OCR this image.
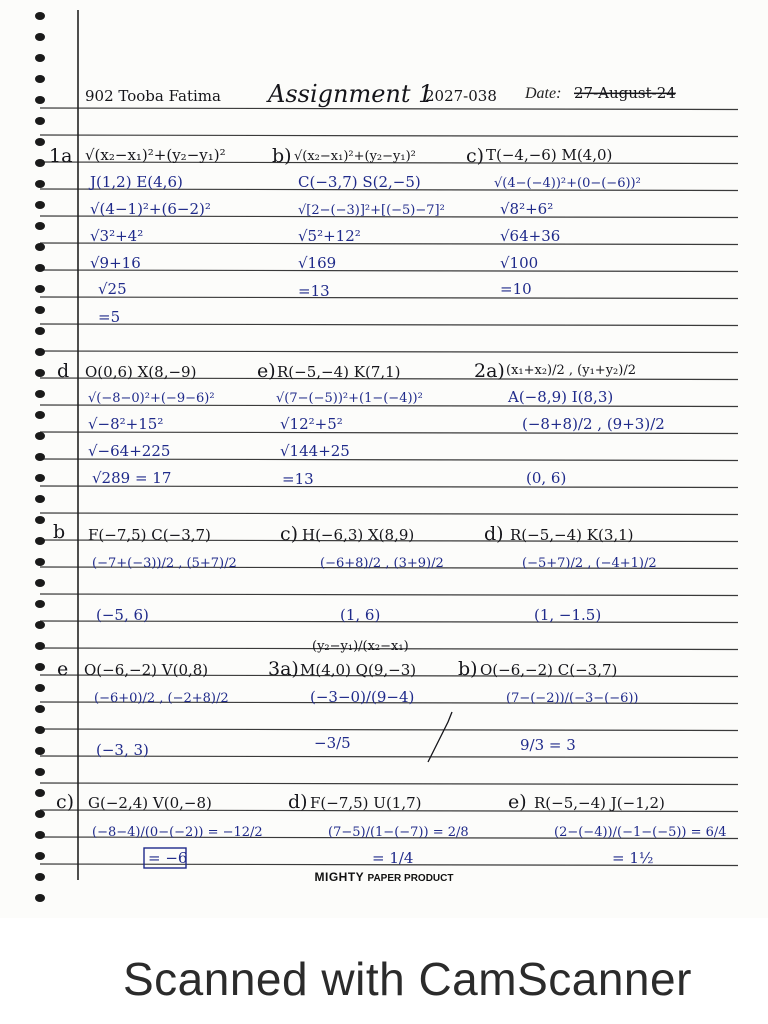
902 Tooba Fatima Assignment 1
2027-038 Date: 27-August-24
1a √(x₂−x₁)²+(y₂−y₁)²
J(1,2) E(4,6)
√(4−1)²+(6−2)²
√3²+4²
√9+16
√25
=5
b) √(x₂−x₁)²+(y₂−y₁)²
C(−3,7) S(2,−5)
√[2−(−3)]²+[(−5)−7]²
√5²+12²
√169
=13
c) T(−4,−6) M(4,0)
√(4−(−4))²+(0−(−6))²
√8²+6²
√64+36
√100
=10
d O(0,6) X(8,−9)
√(−8−0)²+(−9−6)²
√−8²+15²
√−64+225
√289 = 17
e) R(−5,−4) K(7,1)
√(7−(−5))²+(1−(−4))²
√12²+5²
√144+25
=13
2a) (x₁+x₂)/2 , (y₁+y₂)/2
A(−8,9) I(8,3)
(−8+8)/2 , (9+3)/2
(0, 6)
b F(−7,5) C(−3,7)
(−7+(−3))/2 , (5+7)/2
(−5, 6)
c) H(−6,3) X(8,9)
(−6+8)/2 , (3+9)/2
(1, 6)
d) R(−5,−4) K(3,1)
(−5+7)/2 , (−4+1)/2
(1, −1.5)
e O(−6,−2) V(0,8)
(−6+0)/2 , (−2+8)/2
(−3, 3)
(y₂−y₁)/(x₂−x₁)
3a) M(4,0) Q(9,−3)
(−3−0)/(9−4)
−3/5
b) O(−6,−2) C(−3,7)
(7−(−2))/(−3−(−6))
9/3 = 3
c) G(−2,4) V(0,−8)
(−8−4)/(0−(−2)) = −12/2
= −6
d) F(−7,5) U(1,7)
(7−5)/(1−(−7)) = 2/8
= 1/4
e) R(−5,−4) J(−1,2)
(2−(−4))/(−1−(−5)) = 6/4
= 1½
MIGHTY PAPER PRODUCT
Scanned with CamScanner
